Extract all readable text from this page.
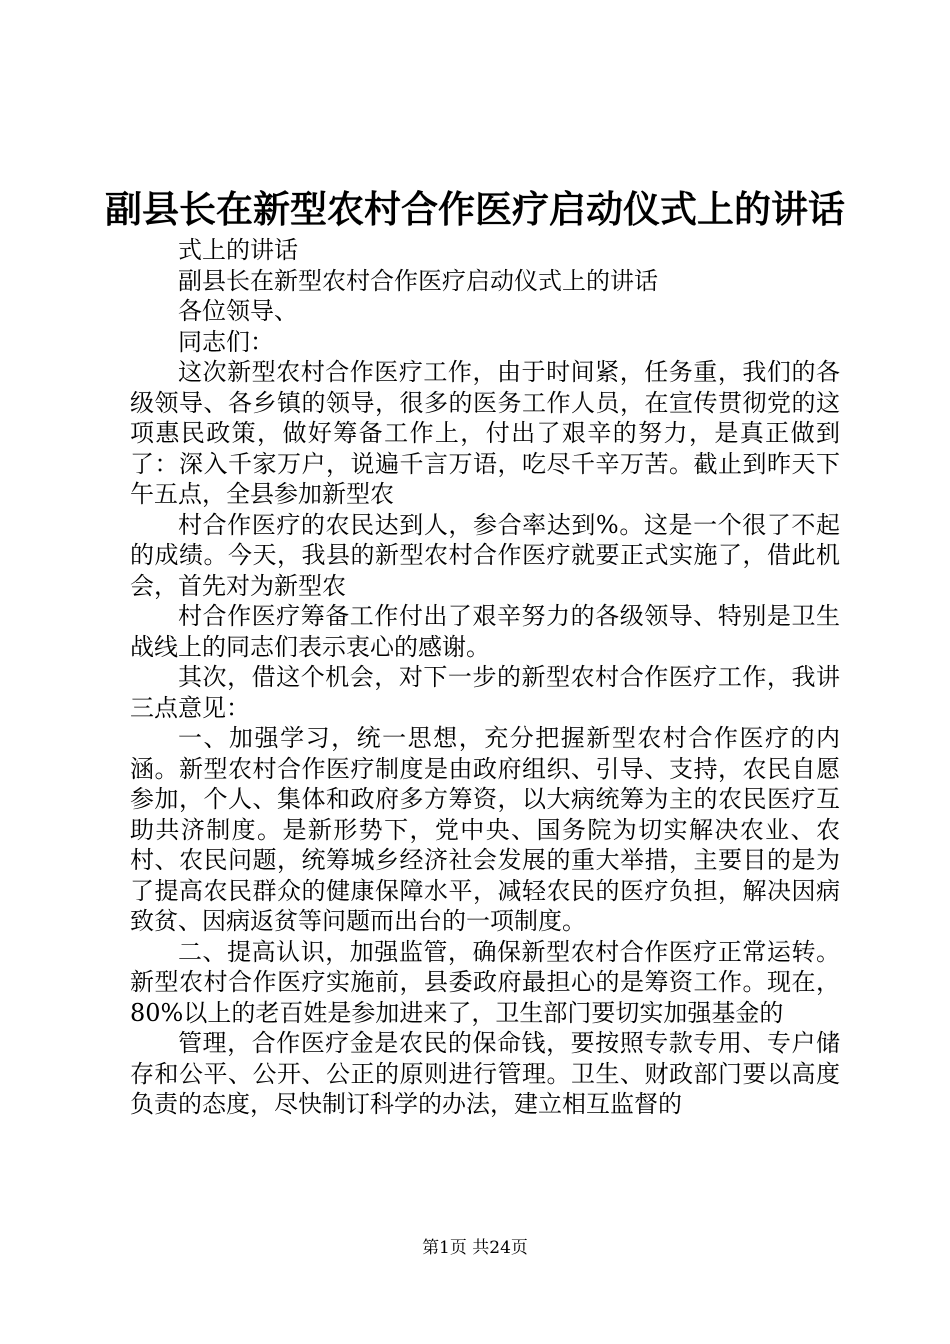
副县长在新型农村合作医疗启动仪式上的讲话

式上的讲话

副县长在新型农村合作医疗启动仪式上的讲话

各位领导、

同志们：

这次新型农村合作医疗工作，由于时间紧，任务重，我们的各级领导、各乡镇的领导，很多的医务工作人员，在宣传贯彻党的这项惠民政策，做好筹备工作上，付出了艰辛的努力，是真正做到了：深入千家万户，说遍千言万语，吃尽千辛万苦。截止到昨天下午五点，全县参加新型农

村合作医疗的农民达到人，参合率达到%。这是一个很了不起的成绩。今天，我县的新型农村合作医疗就要正式实施了，借此机会，首先对为新型农

村合作医疗筹备工作付出了艰辛努力的各级领导、特别是卫生战线上的同志们表示衷心的感谢。

其次，借这个机会，对下一步的新型农村合作医疗工作，我讲三点意见：

一、加强学习，统一思想，充分把握新型农村合作医疗的内涵。新型农村合作医疗制度是由政府组织、引导、支持，农民自愿参加，个人、集体和政府多方筹资，以大病统筹为主的农民医疗互助共济制度。是新形势下，党中央、国务院为切实解决农业、农村、农民问题，统筹城乡经济社会发展的重大举措，主要目的是为了提高农民群众的健康保障水平，减轻农民的医疗负担，解决因病致贫、因病返贫等问题而出台的一项制度。

二、提高认识，加强监管，确保新型农村合作医疗正常运转。新型农村合作医疗实施前，县委政府最担心的是筹资工作。现在，80%以上的老百姓是参加进来了，卫生部门要切实加强基金的

管理，合作医疗金是农民的保命钱，要按照专款专用、专户储存和公平、公开、公正的原则进行管理。卫生、财政部门要以高度负责的态度，尽快制订科学的办法，建立相互监督的

第1页 共24页
